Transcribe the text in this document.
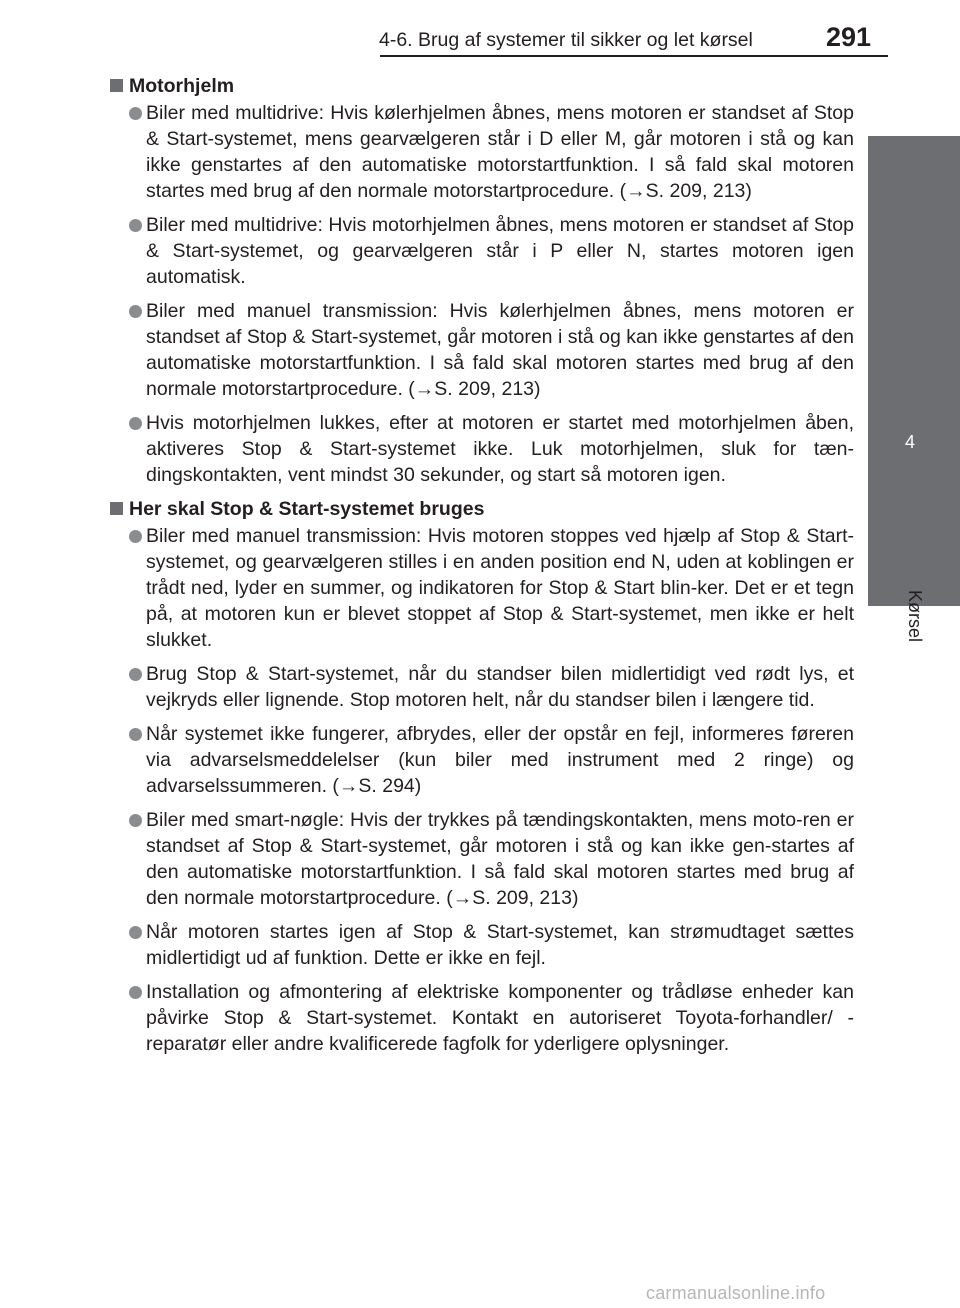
4-6. Brug af systemer til sikker og let kørsel	291
4
Kørsel
Motorhjelm
Biler med multidrive: Hvis kølerhjelmen åbnes, mens motoren er standset af Stop & Start-systemet, mens gearvælgeren står i D eller M, går motoren i stå og kan ikke genstartes af den automatiske motorstartfunktion. I så fald skal motoren startes med brug af den normale motorstartprocedure. (→S. 209, 213)
Biler med multidrive: Hvis motorhjelmen åbnes, mens motoren er standset af Stop & Start-systemet, og gearvælgeren står i P eller N, startes motoren igen automatisk.
Biler med manuel transmission: Hvis kølerhjelmen åbnes, mens motoren er standset af Stop & Start-systemet, går motoren i stå og kan ikke genstartes af den automatiske motorstartfunktion. I så fald skal motoren startes med brug af den normale motorstartprocedure. (→S. 209, 213)
Hvis motorhjelmen lukkes, efter at motoren er startet med motorhjelmen åben, aktiveres Stop & Start-systemet ikke. Luk motorhjelmen, sluk for tæn-dingskontakten, vent mindst 30 sekunder, og start så motoren igen.
Her skal Stop & Start-systemet bruges
Biler med manuel transmission: Hvis motoren stoppes ved hjælp af Stop & Start-systemet, og gearvælgeren stilles i en anden position end N, uden at koblingen er trådt ned, lyder en summer, og indikatoren for Stop & Start blin-ker. Det er et tegn på, at motoren kun er blevet stoppet af Stop & Start-systemet, men ikke er helt slukket.
Brug Stop & Start-systemet, når du standser bilen midlertidigt ved rødt lys, et vejkryds eller lignende. Stop motoren helt, når du standser bilen i længere tid.
Når systemet ikke fungerer, afbrydes, eller der opstår en fejl, informeres føreren via advarselsmeddelelser (kun biler med instrument med 2 ringe) og advarselssummeren. (→S. 294)
Biler med smart-nøgle: Hvis der trykkes på tændingskontakten, mens moto-ren er standset af Stop & Start-systemet, går motoren i stå og kan ikke gen-startes af den automatiske motorstartfunktion. I så fald skal motoren startes med brug af den normale motorstartprocedure. (→S. 209, 213)
Når motoren startes igen af Stop & Start-systemet, kan strømudtaget sættes midlertidigt ud af funktion. Dette er ikke en fejl.
Installation og afmontering af elektriske komponenter og trådløse enheder kan påvirke Stop & Start-systemet. Kontakt en autoriseret Toyota-forhandler/ -reparatør eller andre kvalificerede fagfolk for yderligere oplysninger.
carmanualsonline.info
